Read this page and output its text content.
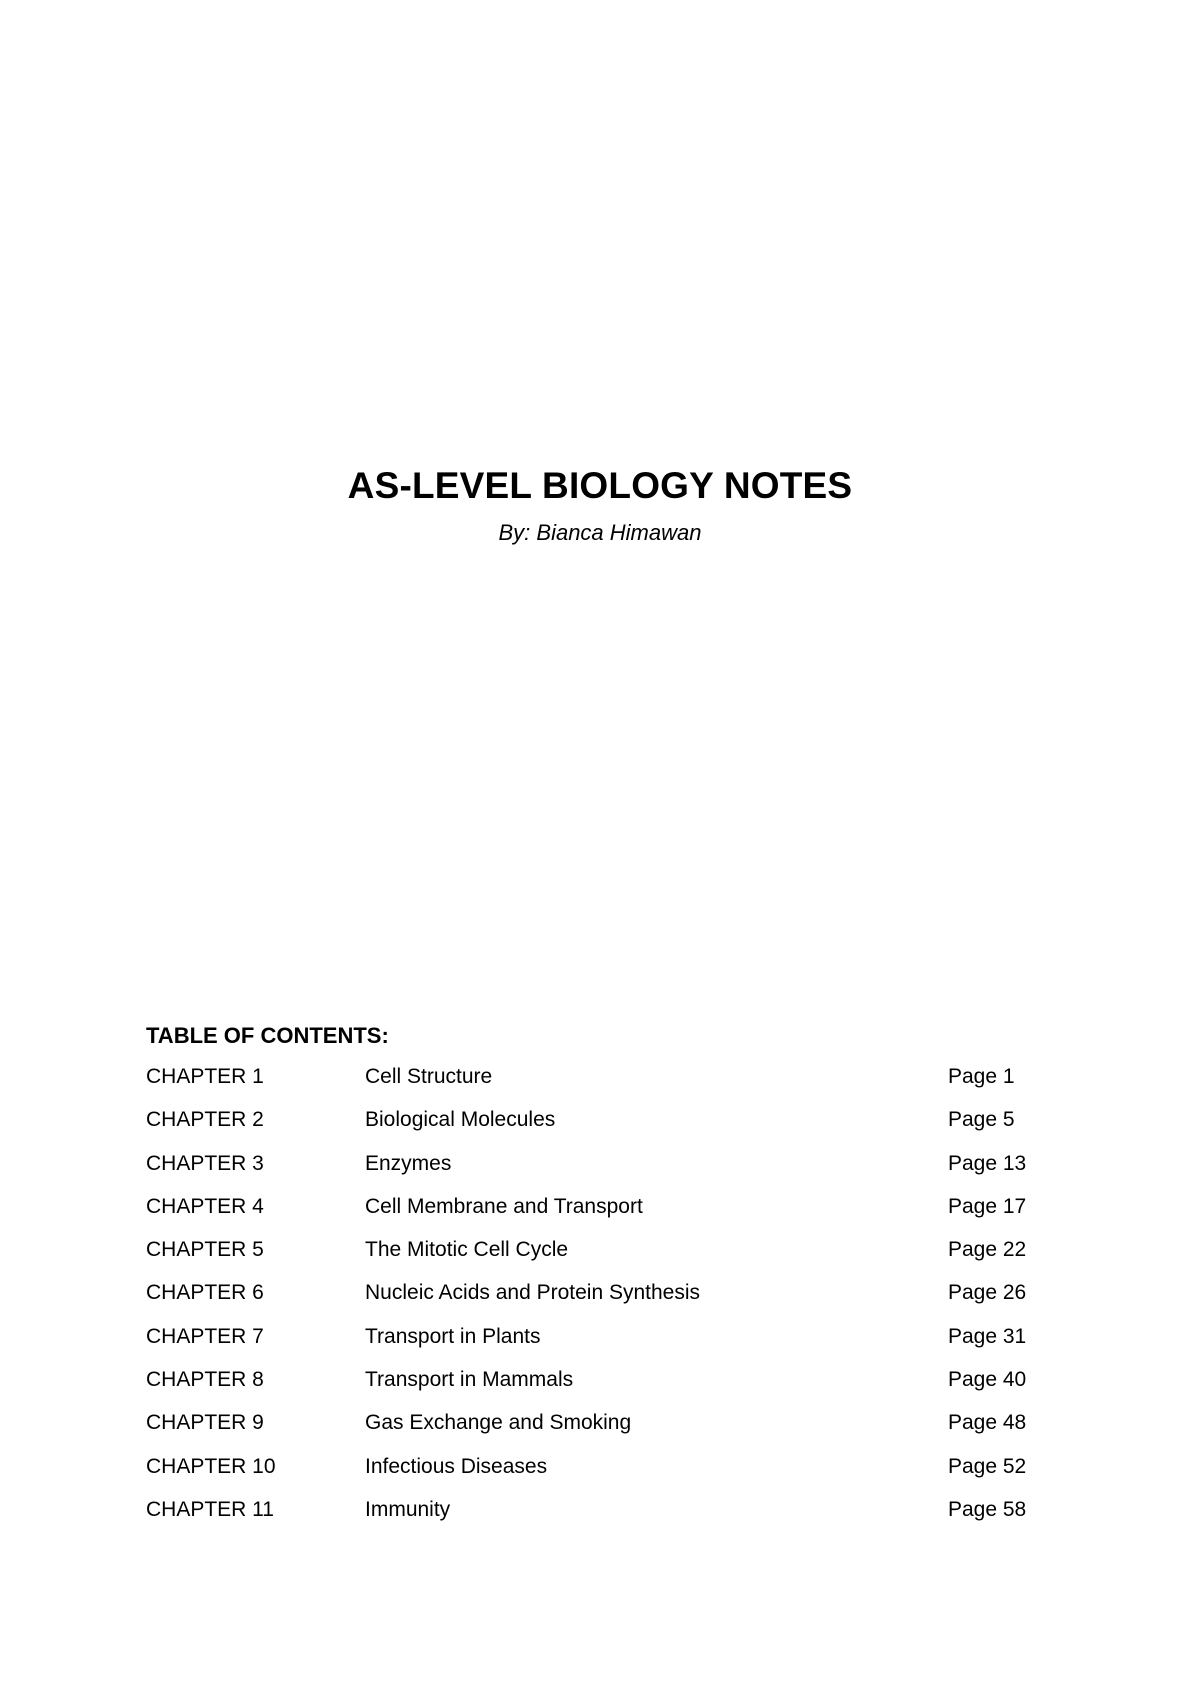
AS-LEVEL BIOLOGY NOTES
By: Bianca Himawan
TABLE OF CONTENTS:
CHAPTER 1	Cell Structure	Page 1
CHAPTER 2	Biological Molecules	Page 5
CHAPTER 3	Enzymes	Page 13
CHAPTER 4	Cell Membrane and Transport	Page 17
CHAPTER 5	The Mitotic Cell Cycle	Page 22
CHAPTER 6	Nucleic Acids and Protein Synthesis	Page 26
CHAPTER 7	Transport in Plants	Page 31
CHAPTER 8	Transport in Mammals	Page 40
CHAPTER 9	Gas Exchange and Smoking	Page 48
CHAPTER 10	Infectious Diseases	Page 52
CHAPTER 11	Immunity	Page 58
